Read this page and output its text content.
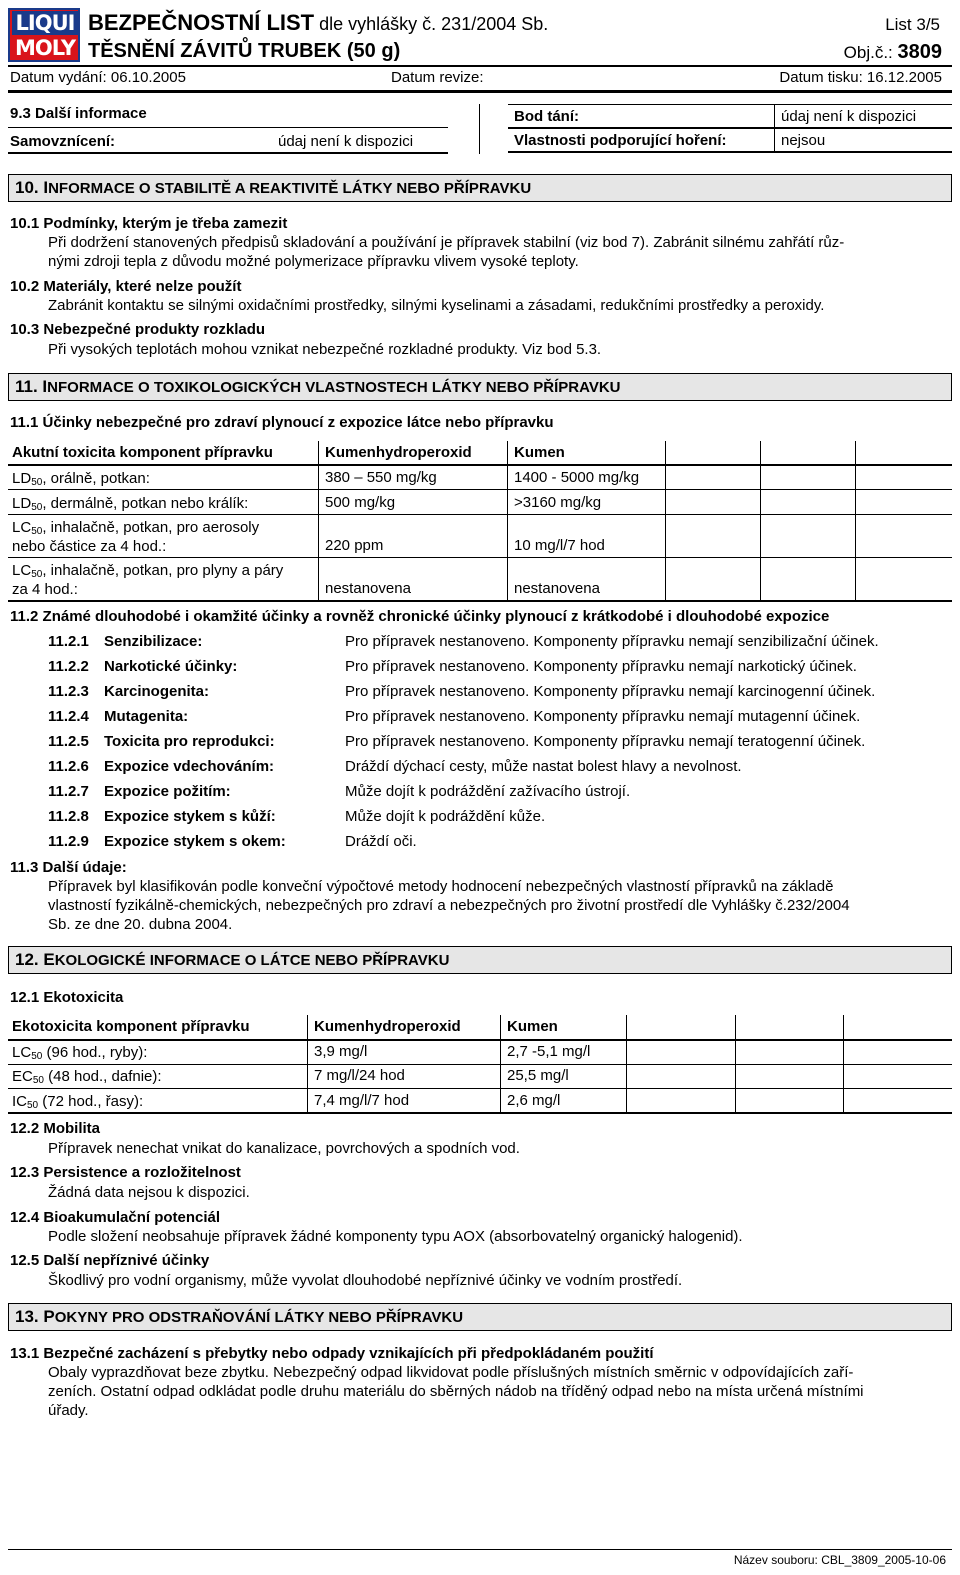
LIQUI
MOLY
BEZPEČNOSTNÍ LIST dle vyhlášky č. 231/2004 Sb.	List 3/5
TĚSNĚNÍ ZÁVITŮ TRUBEK (50 g)	Obj.č.: 3809
Datum vydání: 06.10.2005	Datum revize:	Datum tisku: 16.12.2005
9.3 Další informace
Samovznícení:	údaj není k dispozici
Bod tání:	údaj není k dispozici
Vlastnosti podporující hoření:	nejsou
10. INFORMACE O STABILITĚ A REAKTIVITĚ LÁTKY NEBO PŘÍPRAVKU
10.1 Podmínky, kterým je třeba zamezit
Při dodržení stanovených předpisů skladování a používání je přípravek stabilní (viz bod 7). Zabránit silnému zahřátí růz-
nými zdroji tepla z důvodu možné polymerizace přípravku vlivem vysoké teploty.
10.2 Materiály, které nelze použít
Zabránit kontaktu se silnými oxidačními prostředky, silnými kyselinami a zásadami, redukčními prostředky a peroxidy.
10.3 Nebezpečné produkty rozkladu
Při vysokých teplotách mohou vznikat nebezpečné rozkladné produkty. Viz bod 5.3.
11. INFORMACE O TOXIKOLOGICKÝCH VLASTNOSTECH LÁTKY NEBO PŘÍPRAVKU
11.1 Účinky nebezpečné pro zdraví plynoucí z expozice látce nebo přípravku
Akutní toxicita komponent přípravku	Kumenhydroperoxid	Kumen
$LD_{50}$, orálně, potkan:	380 – 550 mg/kg	1400 - 5000 mg/kg
$LD_{50}$, dermálně, potkan nebo králík:	500 mg/kg	>3160 mg/kg
$LC_{50}$, inhalačně, potkan, pro aerosoly
nebo částice za 4 hod.:	220 ppm	10 mg/l/7 hod
$LC_{50}$, inhalačně, potkan, pro plyny a páry
za 4 hod.:	nestanovena	nestanovena
11.2 Známé dlouhodobé i okamžité účinky a rovněž chronické účinky plynoucí z krátkodobé i dlouhodobé expozice
11.2.1 Senzibilizace:	Pro přípravek nestanoveno. Komponenty přípravku nemají senzibilizační účinek.
11.2.2 Narkotické účinky:	Pro přípravek nestanoveno. Komponenty přípravku nemají narkotický účinek.
11.2.3 Karcinogenita:	Pro přípravek nestanoveno. Komponenty přípravku nemají karcinogenní účinek.
11.2.4 Mutagenita:	Pro přípravek nestanoveno. Komponenty přípravku nemají mutagenní účinek.
11.2.5 Toxicita pro reprodukci:	Pro přípravek nestanoveno. Komponenty přípravku nemají teratogenní účinek.
11.2.6 Expozice vdechováním:	Dráždí dýchací cesty, může nastat bolest hlavy a nevolnost.
11.2.7 Expozice požitím:	Může dojít k podráždění zažívacího ústrojí.
11.2.8 Expozice stykem s kůží:	Může dojít k podráždění kůže.
11.2.9 Expozice stykem s okem:	Dráždí oči.
11.3 Další údaje:
Přípravek byl klasifikován podle konveční výpočtové metody hodnocení nebezpečných vlastností přípravků na základě
vlastností fyzikálně-chemických, nebezpečných pro zdraví a nebezpečných pro životní prostředí dle Vyhlášky č.232/2004
Sb. ze dne 20. dubna 2004.
12. EKOLOGICKÉ INFORMACE O LÁTCE NEBO PŘÍPRAVKU
12.1 Ekotoxicita
Ekotoxicita komponent přípravku	Kumenhydroperoxid	Kumen
$LC_{50}$ (96 hod., ryby):	3,9 mg/l	2,7 -5,1 mg/l
$EC_{50}$ (48 hod., dafnie):	7 mg/l/24 hod	25,5 mg/l
$IC_{50}$ (72 hod., řasy):	7,4 mg/l/7 hod	2,6 mg/l
12.2 Mobilita
Přípravek nenechat vnikat do kanalizace, povrchových a spodních vod.
12.3 Persistence a rozložitelnost
Žádná data nejsou k dispozici.
12.4 Bioakumulační potenciál
Podle složení neobsahuje přípravek žádné komponenty typu AOX (absorbovatelný organický halogenid).
12.5 Další nepříznivé účinky
Škodlivý pro vodní organismy, může vyvolat dlouhodobé nepříznivé účinky ve vodním prostředí.
13. POKYNY PRO ODSTRAŇOVÁNÍ LÁTKY NEBO PŘÍPRAVKU
13.1 Bezpečné zacházení s přebytky nebo odpady vznikajících při předpokládaném použití
Obaly vyprazdňovat beze zbytku. Nebezpečný odpad likvidovat podle příslušných místních směrnic v odpovídajících zaří-
zeních. Ostatní odpad odkládat podle druhu materiálu do sběrných nádob na tříděný odpad nebo na místa určená místními
úřady.
Název souboru: CBL_3809_2005-10-06
